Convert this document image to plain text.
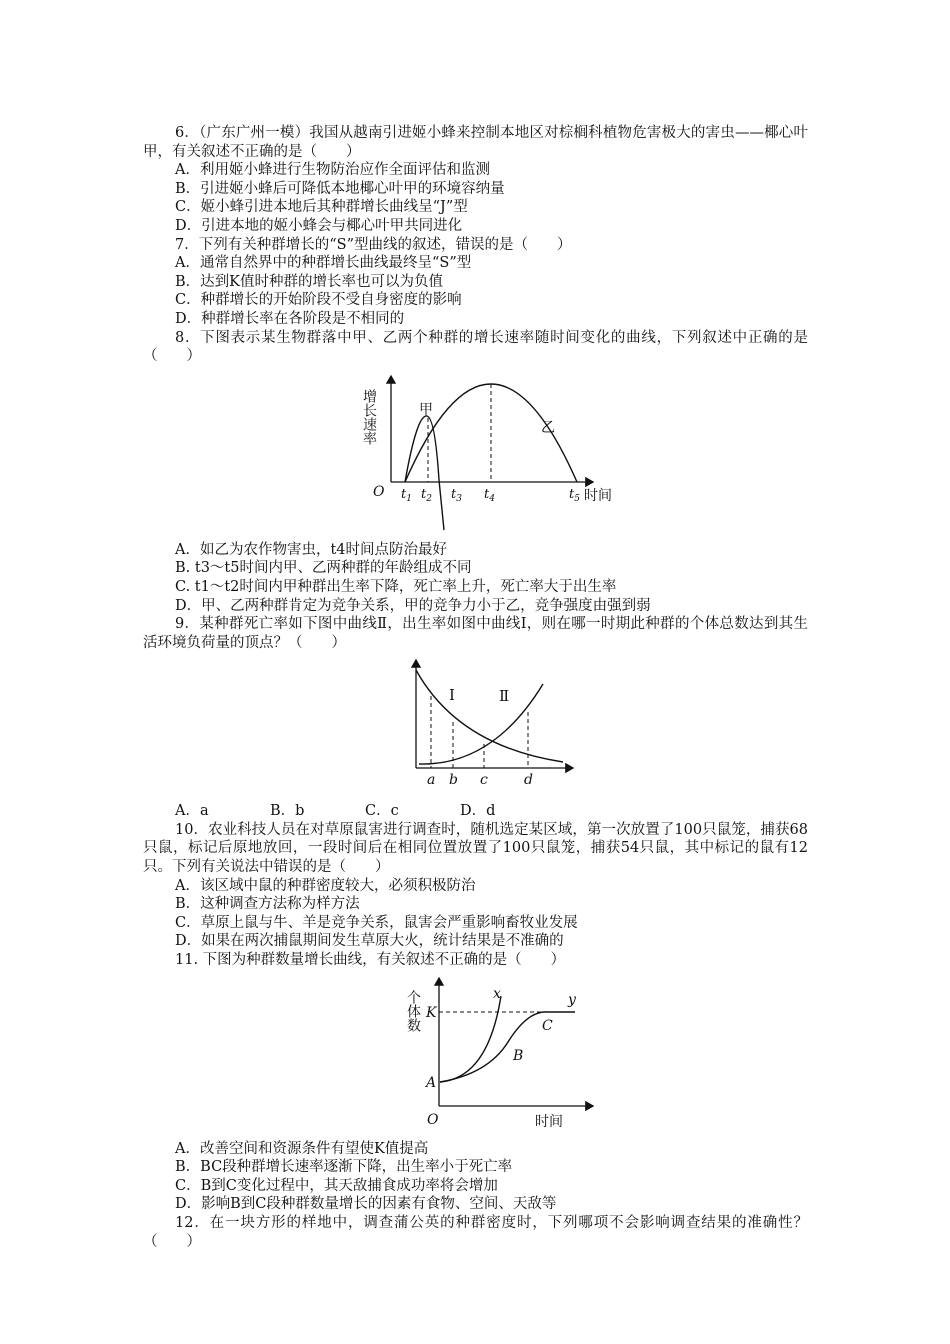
6．（广东广州一模）我国从越南引进姬小蜂来控制本地区对棕榈科植物危害极大的害虫——椰心叶甲，有关叙述不正确的是（　　）

A．利用姬小蜂进行生物防治应作全面评估和监测

B．引进姬小蜂后可降低本地椰心叶甲的环境容纳量

C．姬小蜂引进本地后其种群增长曲线呈“J”型

D．引进本地的姬小蜂会与椰心叶甲共同进化

7．下列有关种群增长的“S”型曲线的叙述，错误的是（　　）

A．通常自然界中的种群增长曲线最终呈“S”型

B．达到K值时种群的增长率也可以为负值

C．种群增长的开始阶段不受自身密度的影响

D．种群增长率在各阶段是不相同的

8．下图表示某生物群落中甲、乙两个种群的增长速率随时间变化的曲线，下列叙述中正确的是（　　）

增长速率
O
甲
乙
$t_1$ $t_2$ $t_3$ $t_4$	$t_5$ 时间

A．如乙为农作物害虫，t4时间点防治最好

B. t3～t5时间内甲、乙两种群的年龄组成不同

C. t1～t2时间内甲种群出生率下降，死亡率上升，死亡率大于出生率

D．甲、乙两种群肯定为竞争关系，甲的竞争力小于乙，竞争强度由强到弱

9．某种群死亡率如下图中曲线Ⅱ，出生率如图中曲线Ⅰ，则在哪一时期此种群的个体总数达到其生活环境负荷量的顶点？（　　）

Ⅰ	Ⅱ
a b c	d

A．a	B．b	C．c	D．d

10．农业科技人员在对草原鼠害进行调查时，随机选定某区域，第一次放置了100只鼠笼，捕获68只鼠，标记后原地放回，一段时间后在相同位置放置了100只鼠笼，捕获54只鼠，其中标记的鼠有12只。下列有关说法中错误的是（　　）

A．该区域中鼠的种群密度较大，必须积极防治

B．这种调查方法称为样方法

C．草原上鼠与牛、羊是竞争关系，鼠害会严重影响畜牧业发展

D．如果在两次捕鼠期间发生草原大火，统计结果是不准确的

11. 下图为种群数量增长曲线，有关叙述不正确的是（　　）

个体数 K
A
O
B
C
x	y
时间

A．改善空间和资源条件有望使K值提高

B．BC段种群增长速率逐渐下降，出生率小于死亡率

C．B到C变化过程中，其天敌捕食成功率将会增加

D．影响B到C段种群数量增长的因素有食物、空间、天敌等

12．在一块方形的样地中，调查蒲公英的种群密度时，下列哪项不会影响调查结果的准确性？（　　）
